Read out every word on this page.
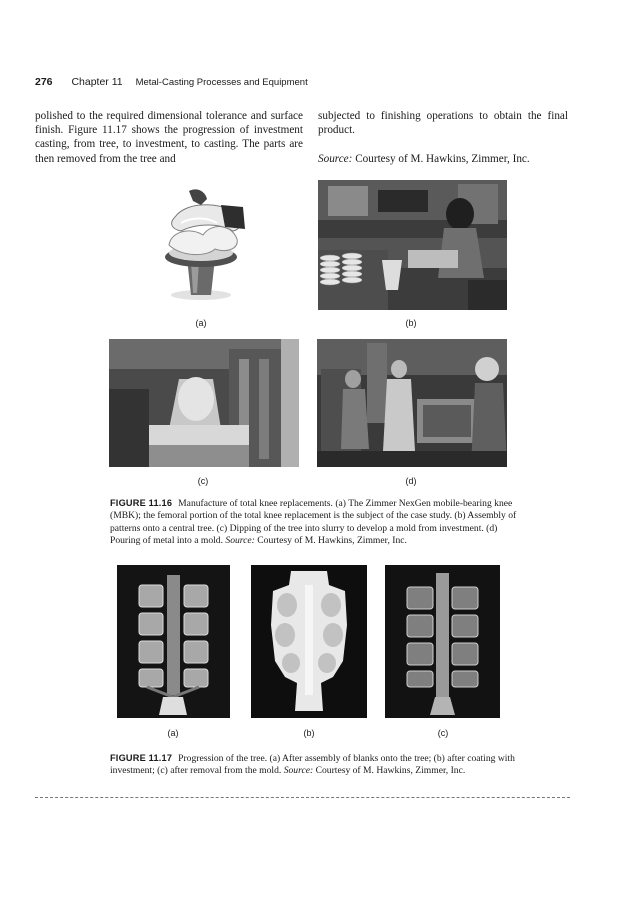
276 Chapter 11 Metal-Casting Processes and Equipment
polished to the required dimensional tolerance and surface finish. Figure 11.17 shows the progression of investment casting, from tree, to investment, to casting. The parts are then removed from the tree and
subjected to finishing operations to obtain the final product.
Source: Courtesy of M. Hawkins, Zimmer, Inc.
(a)	(b)
(c)	(d)
FIGURE 11.16 Manufacture of total knee replacements. (a) The Zimmer NexGen mobile-bearing knee (MBK); the femoral portion of the total knee replacement is the subject of the case study. (b) Assembly of patterns onto a central tree. (c) Dipping of the tree into slurry to develop a mold from investment. (d) Pouring of metal into a mold. Source: Courtesy of M. Hawkins, Zimmer, Inc.
(a)	(b)	(c)
FIGURE 11.17 Progression of the tree. (a) After assembly of blanks onto the tree; (b) after coating with investment; (c) after removal from the mold. Source: Courtesy of M. Hawkins, Zimmer, Inc.
